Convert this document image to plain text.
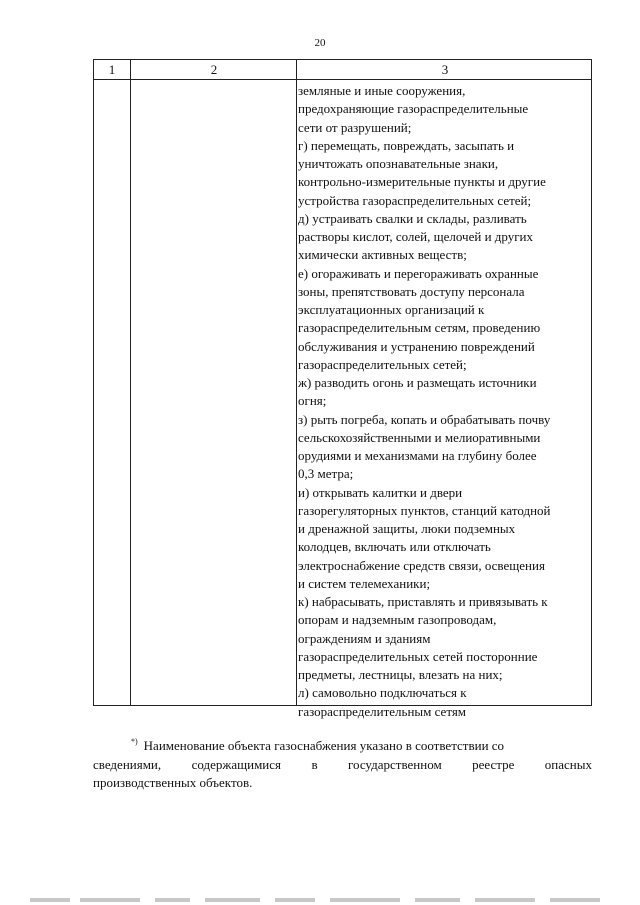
20
1	2	3
земляные и иные сооружения,
предохраняющие газораспределительные
сети от разрушений;
г) перемещать, повреждать, засыпать и
уничтожать опознавательные знаки,
контрольно-измерительные пункты и другие
устройства газораспределительных сетей;
д) устраивать свалки и склады, разливать
растворы кислот, солей, щелочей и других
химически активных веществ;
е) огораживать и перегораживать охранные
зоны, препятствовать доступу персонала
эксплуатационных организаций к
газораспределительным сетям, проведению
обслуживания и устранению повреждений
газораспределительных сетей;
ж) разводить огонь и размещать источники
огня;
з) рыть погреба, копать и обрабатывать почву
сельскохозяйственными и мелиоративными
орудиями и механизмами на глубину более
0,3 метра;
и) открывать калитки и двери
газорегуляторных пунктов, станций катодной
и дренажной защиты, люки подземных
колодцев, включать или отключать
электроснабжение средств связи, освещения
и систем телемеханики;
к) набрасывать, приставлять и привязывать к
опорам и надземным газопроводам,
ограждениям и зданиям
газораспределительных сетей посторонние
предметы, лестницы, влезать на них;
л) самовольно подключаться к
газораспределительным сетям
*) Наименование объекта газоснабжения указано в соответствии со
сведениями, содержащимися в государственном реестре опасных
производственных объектов.
